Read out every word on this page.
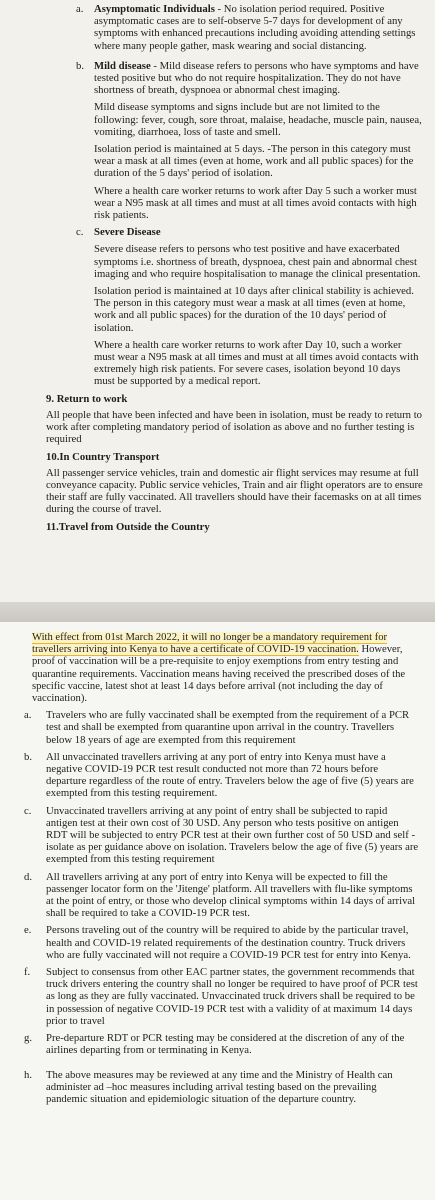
a. Asymptomatic Individuals - No isolation period required. Positive asymptomatic cases are to self-observe 5-7 days for development of any symptoms with enhanced precautions including avoiding attending settings where many people gather, mask wearing and social distancing.
b. Mild disease - Mild disease refers to persons who have symptoms and have tested positive but who do not require hospitalization. They do not have shortness of breath, dyspnoea or abnormal chest imaging.
Mild disease symptoms and signs include but are not limited to the following: fever, cough, sore throat, malaise, headache, muscle pain, nausea, vomiting, diarrhoea, loss of taste and smell.
Isolation period is maintained at 5 days. -The person in this category must wear a mask at all times (even at home, work and all public spaces) for the duration of the 5 days' period of isolation.
Where a health care worker returns to work after Day 5 such a worker must wear a N95 mask at all times and must at all times avoid contacts with high risk patients.
c. Severe Disease
Severe disease refers to persons who test positive and have exacerbated symptoms i.e. shortness of breath, dyspnoea, chest pain and abnormal chest imaging and who require hospitalisation to manage the clinical presentation.
Isolation period is maintained at 10 days after clinical stability is achieved. The person in this category must wear a mask at all times (even at home, work and all public spaces) for the duration of the 10 days' period of isolation.
Where a health care worker returns to work after Day 10, such a worker must wear a N95 mask at all times and must at all times avoid contacts with extremely high risk patients. For severe cases, isolation beyond 10 days must be supported by a medical report.
9. Return to work
All people that have been infected and have been in isolation, must be ready to return to work after completing mandatory period of isolation as above and no further testing is required
10.In Country Transport
All passenger service vehicles, train and domestic air flight services may resume at full conveyance capacity. Public service vehicles, Train and air flight operators are to ensure their staff are fully vaccinated. All travellers should have their facemasks on at all times during the course of travel.
11.Travel from Outside the Country
With effect from 01st March 2022, it will no longer be a mandatory requirement for travellers arriving into Kenya to have a certificate of COVID-19 vaccination. However, proof of vaccination will be a pre-requisite to enjoy exemptions from entry testing and quarantine requirements. Vaccination means having received the prescribed doses of the specific vaccine, latest shot at least 14 days before arrival (not including the day of vaccination).
a.	Travelers who are fully vaccinated shall be exempted from the requirement of a PCR test and shall be exempted from quarantine upon arrival in the country. Travellers below 18 years of age are exempted from this requirement
b.	All unvaccinated travellers arriving at any port of entry into Kenya must have a negative COVID-19 PCR test result conducted not more than 72 hours before departure regardless of the route of entry. Travelers below the age of five (5) years are exempted from this testing requirement.
c.	Unvaccinated travellers arriving at any point of entry shall be subjected to rapid antigen test at their own cost of 30 USD. Any person who tests positive on antigen RDT will be subjected to entry PCR test at their own further cost of 50 USD and self - isolate as per guidance above on isolation. Travelers below the age of five (5) years are exempted from this testing requirement
d.	All travellers arriving at any port of entry into Kenya will be expected to fill the passenger locator form on the 'Jitenge' platform. All travellers with flu-like symptoms at the point of entry, or those who develop clinical symptoms within 14 days of arrival shall be required to take a COVID-19 PCR test.
e.	Persons traveling out of the country will be required to abide by the particular travel, health and COVID-19 related requirements of the destination country. Truck drivers who are fully vaccinated will not require a COVID-19 PCR test for entry into Kenya.
f.	Subject to consensus from other EAC partner states, the government recommends that truck drivers entering the country shall no longer be required to have proof of PCR test as long as they are fully vaccinated. Unvaccinated truck drivers shall be required to be in possession of negative COVID-19 PCR test with a validity of at maximum 14 days prior to travel
g.	Pre-departure RDT or PCR testing may be considered at the discretion of any of the airlines departing from or terminating in Kenya.
h.	The above measures may be reviewed at any time and the Ministry of Health can administer ad –hoc measures including arrival testing based on the prevailing pandemic situation and epidemiologic situation of the departure country.
